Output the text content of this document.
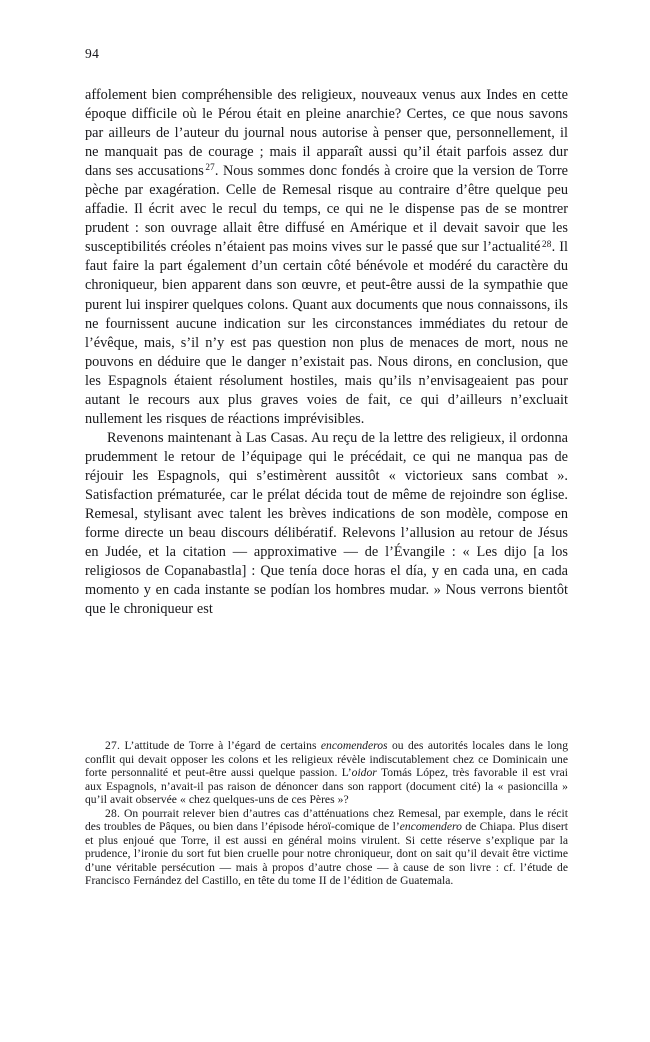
94

affolement bien compréhensible des religieux, nouveaux venus aux Indes en cette époque difficile où le Pérou était en pleine anarchie? Certes, ce que nous savons par ailleurs de l’auteur du journal nous autorise à penser que, personnellement, il ne manquait pas de courage ; mais il apparaît aussi qu’il était parfois assez dur dans ses accusations $^{27}$. Nous sommes donc fondés à croire que la version de Torre pèche par exagération. Celle de Remesal risque au contraire d’être quelque peu affadie. Il écrit avec le recul du temps, ce qui ne le dispense pas de se montrer prudent : son ouvrage allait être diffusé en Amérique et il devait savoir que les susceptibilités créoles n’étaient pas moins vives sur le passé que sur l’actualité $^{28}$. Il faut faire la part également d’un certain côté bénévole et modéré du caractère du chroniqueur, bien apparent dans son œuvre, et peut-être aussi de la sympathie que purent lui inspirer quelques colons. Quant aux documents que nous connaissons, ils ne fournissent aucune indication sur les circonstances immédiates du retour de l’évêque, mais, s’il n’y est pas question non plus de menaces de mort, nous ne pouvons en déduire que le danger n’existait pas. Nous dirons, en conclusion, que les Espagnols étaient résolument hostiles, mais qu’ils n’envisageaient pas pour autant le recours aux plus graves voies de fait, ce qui d’ailleurs n’excluait nullement les risques de réactions imprévisibles.

Revenons maintenant à Las Casas. Au reçu de la lettre des religieux, il ordonna prudemment le retour de l’équipage qui le précédait, ce qui ne manqua pas de réjouir les Espagnols, qui s’estimèrent aussitôt « victorieux sans combat ». Satisfaction prématurée, car le prélat décida tout de même de rejoindre son église. Remesal, stylisant avec talent les brèves indications de son modèle, compose en forme directe un beau discours délibératif. Relevons l’allusion au retour de Jésus en Judée, et la citation — approximative — de l’Évangile : « Les dijo [a los religiosos de Copanabastla] : Que tenía doce horas el día, y en cada una, en cada momento y en cada instante se podían los hombres mudar. » Nous verrons bientôt que le chroniqueur est

27. L’attitude de Torre à l’égard de certains encomenderos ou des autorités locales dans le long conflit qui devait opposer les colons et les religieux révèle indiscutablement chez ce Dominicain une forte personnalité et peut-être aussi quelque passion. L’oidor Tomás López, très favorable il est vrai aux Espagnols, n’avait-il pas raison de dénoncer dans son rapport (document cité) la « pasioncilla » qu’il avait observée « chez quelques-uns de ces Pères »?

28. On pourrait relever bien d’autres cas d’atténuations chez Remesal, par exemple, dans le récit des troubles de Pâques, ou bien dans l’épisode héroï-comique de l’encomendero de Chiapa. Plus disert et plus enjoué que Torre, il est aussi en général moins virulent. Si cette réserve s’explique par la prudence, l’ironie du sort fut bien cruelle pour notre chroniqueur, dont on sait qu’il devait être victime d’une véritable persécution — mais à propos d’autre chose — à cause de son livre : cf. l’étude de Francisco Fernández del Castillo, en tête du tome II de l’édition de Guatemala.
